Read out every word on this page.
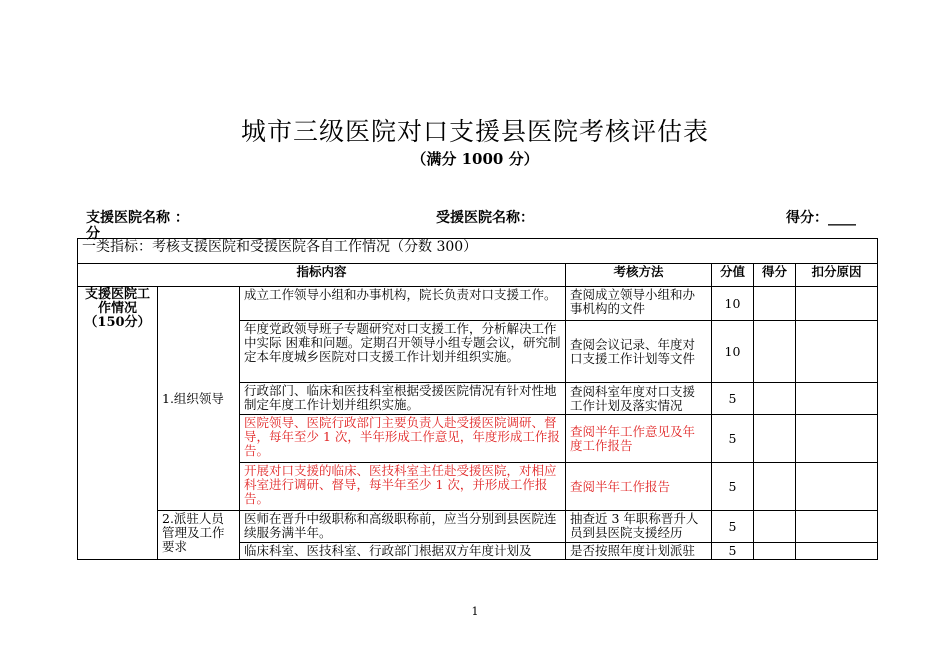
城市三级医院对口支援县医院考核评估表
（满分 1000 分）
支援医院名称 ：	受援医院名称：	得分：____
分
一类指标：考核支援医院和受援医院各自工作情况（分数 300）						
指标内容			考核方法	分值	得分	扣分原因
支援医院工作情况（150分）	1.组织领导	成立工作领导小组和办事机构，院长负责对口支援工作。	查阅成立领导小组和办事机构的文件	10		
		年度党政领导班子专题研究对口支援工作，分析解决工作中实际 困难和问题。定期召开领导小组专题会议，研究制定本年度城乡医院对口支援工作计划并组织实施。	查阅会议记录、年度对口支援工作计划等文件	10		
		行政部门、临床和医技科室根据受援医院情况有针对性地制定年度工作计划并组织实施。	查阅科室年度对口支援工作计划及落实情况	5		
		医院领导、医院行政部门主要负责人赴受援医院调研、督导，每年至少 1 次，半年形成工作意见，年度形成工作报告。	查阅半年工作意见及年度工作报告	5		
		开展对口支援的临床、医技科室主任赴受援医院，对相应科室进行调研、督导，每半年至少 1 次，并形成工作报告。	查阅半年工作报告	5		
	2.派驻人员管理及工作要求	医师在晋升中级职称和高级职称前，应当分别到县医院连续服务满半年。	抽查近 3 年职称晋升人员到县医院支援经历	5		
		临床科室、医技科室、行政部门根据双方年度计划及	是否按照年度计划派驻	5		
1
